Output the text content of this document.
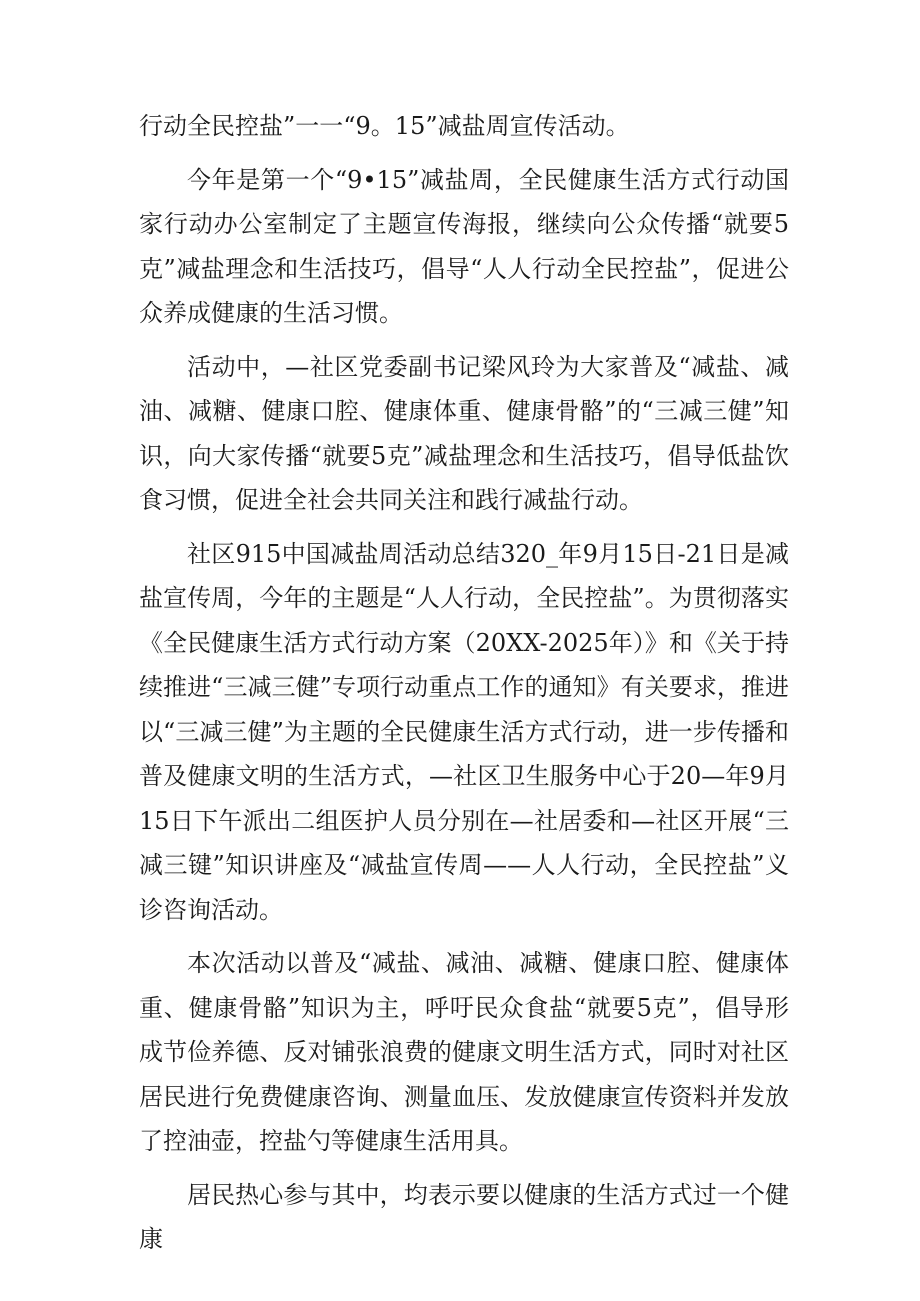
行动全民控盐”一一“9。15”减盐周宣传活动。

今年是第一个“9•15”减盐周，全民健康生活方式行动国家行动办公室制定了主题宣传海报，继续向公众传播“就要5克”减盐理念和生活技巧，倡导“人人行动全民控盐”，促进公众养成健康的生活习惯。

活动中，—社区党委副书记梁风玲为大家普及“减盐、减油、减糖、健康口腔、健康体重、健康骨骼”的“三减三健”知识，向大家传播“就要5克”减盐理念和生活技巧，倡导低盐饮食习惯，促进全社会共同关注和践行减盐行动。

社区915中国减盐周活动总结320_年9月15日-21日是减盐宣传周，今年的主题是“人人行动，全民控盐”。为贯彻落实《全民健康生活方式行动方案（20XX-2025年）》和《关于持续推进“三减三健”专项行动重点工作的通知》有关要求，推进以“三减三健”为主题的全民健康生活方式行动，进一步传播和普及健康文明的生活方式，—社区卫生服务中心于20—年9月15日下午派出二组医护人员分别在—社居委和—社区开展“三减三键”知识讲座及“减盐宣传周——人人行动，全民控盐”义诊咨询活动。

本次活动以普及“减盐、减油、减糖、健康口腔、健康体重、健康骨骼”知识为主，呼吁民众食盐“就要5克”，倡导形成节俭养德、反对铺张浪费的健康文明生活方式，同时对社区居民进行免费健康咨询、测量血压、发放健康宣传资料并发放了控油壶，控盐勺等健康生活用具。

居民热心参与其中，均表示要以健康的生活方式过一个健康
